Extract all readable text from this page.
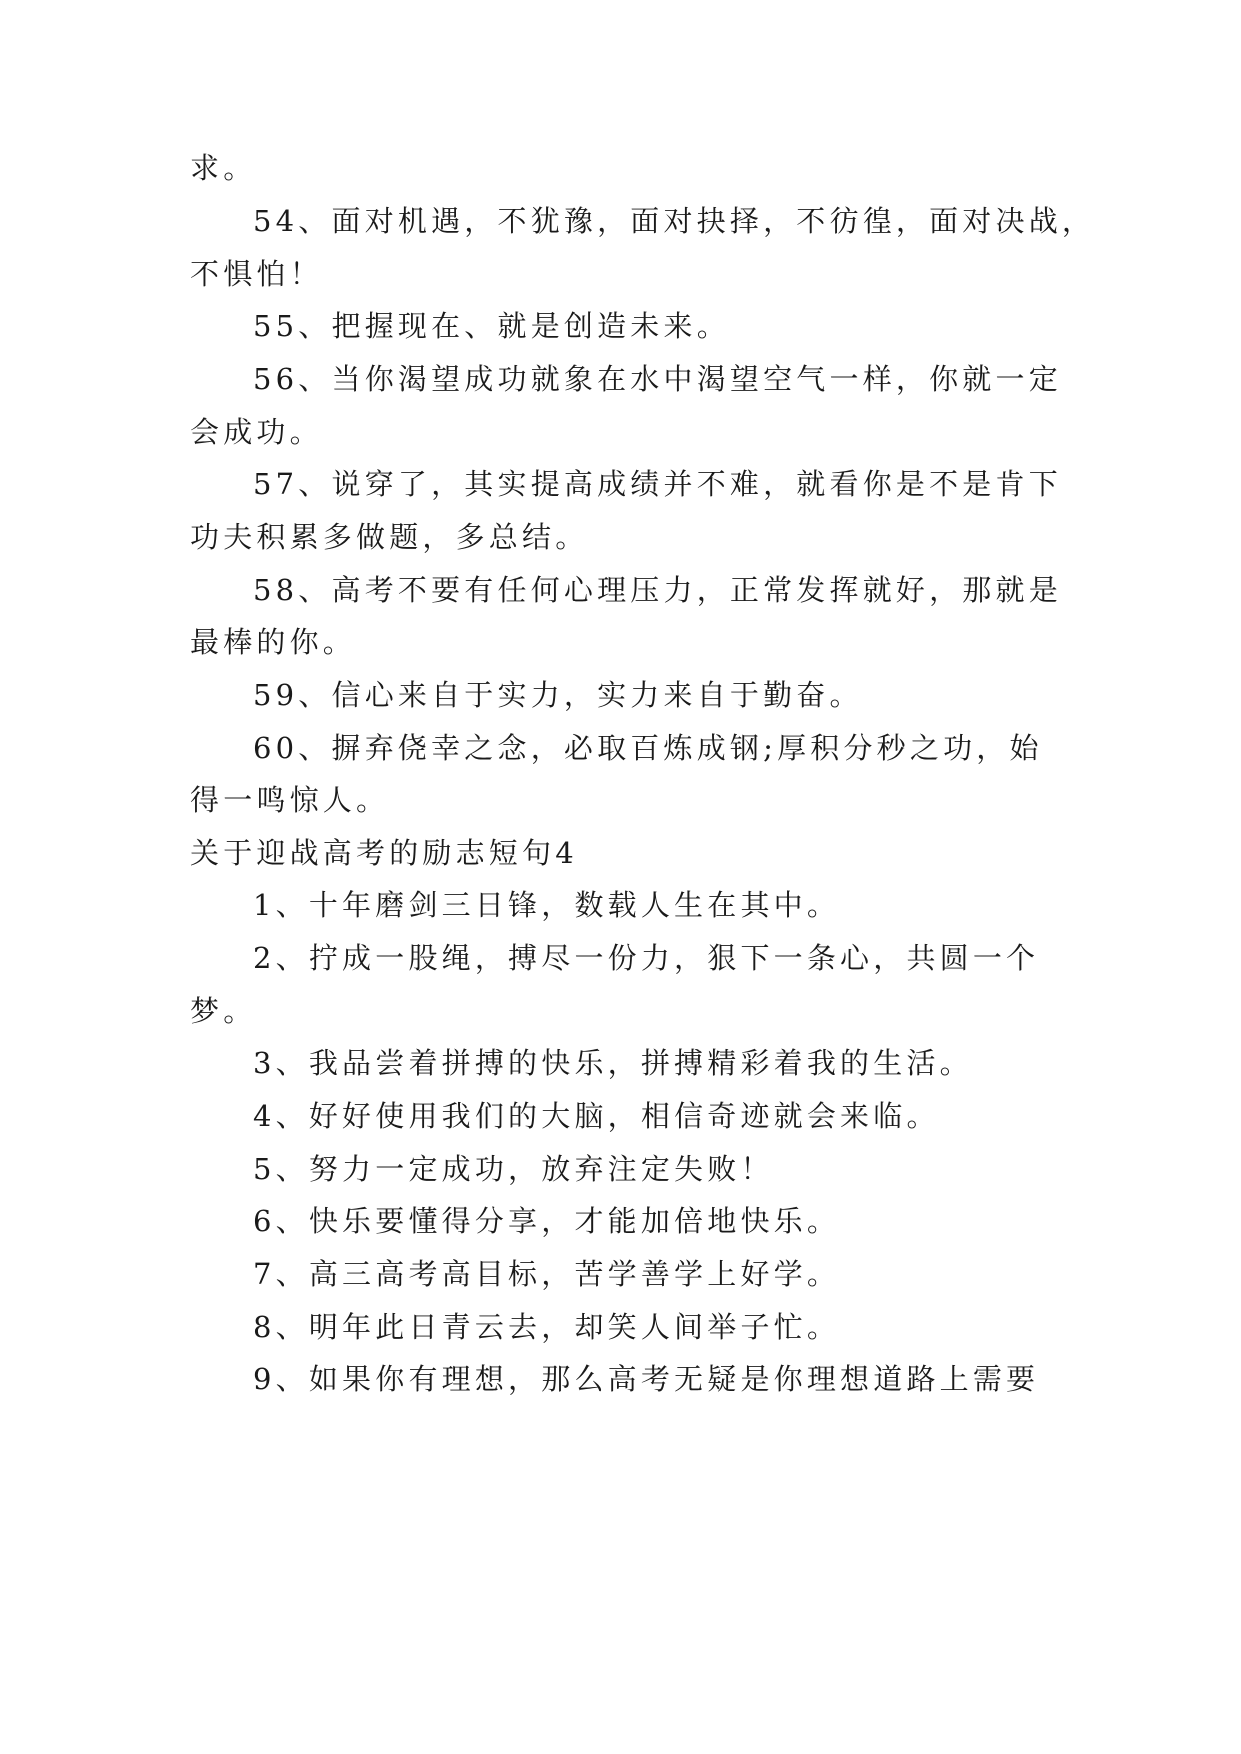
求。
54、面对机遇，不犹豫，面对抉择，不彷徨，面对决战，
不惧怕！
55、把握现在、就是创造未来。
56、当你渴望成功就象在水中渴望空气一样，你就一定
会成功。
57、说穿了，其实提高成绩并不难，就看你是不是肯下
功夫积累多做题，多总结。
58、高考不要有任何心理压力，正常发挥就好，那就是
最棒的你。
59、信心来自于实力，实力来自于勤奋。
60、摒弃侥幸之念，必取百炼成钢;厚积分秒之功，始
得一鸣惊人。
关于迎战高考的励志短句4
1、十年磨剑三日锋，数载人生在其中。
2、拧成一股绳，搏尽一份力，狠下一条心，共圆一个
梦。
3、我品尝着拼搏的快乐，拼搏精彩着我的生活。
4、好好使用我们的大脑，相信奇迹就会来临。
5、努力一定成功，放弃注定失败！
6、快乐要懂得分享，才能加倍地快乐。
7、高三高考高目标，苦学善学上好学。
8、明年此日青云去，却笑人间举子忙。
9、如果你有理想，那么高考无疑是你理想道路上需要
